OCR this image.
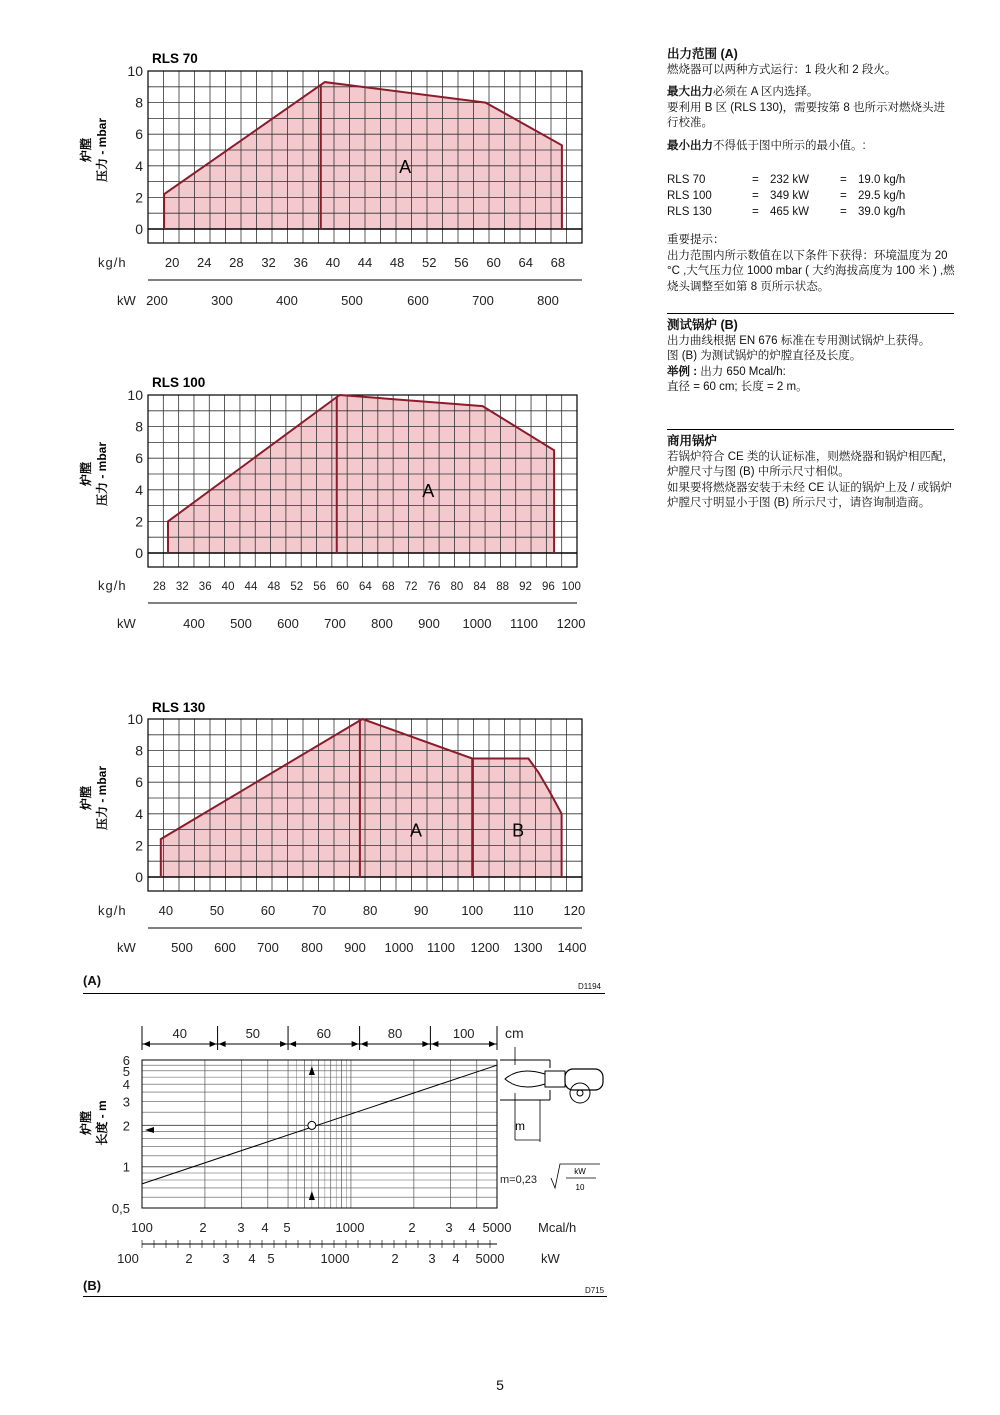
RLS 70
A
0
2
4
6
8
10
炉膛 压力 - mbar
kg/h	20 24 28 32 36 40 44 48 52 56 60 64 68
kW 200	300	400	500	600	700	800
RLS 100
A
0
2
4
6
8
10
炉膛 压力 - mbar
kg/h 28 32 36 40 44 48 52 56 60 64 68 72 76 80 84 88 92 96 100
kW	400 500 600 700 800 900 1000 1100 1200
RLS 130
A	B
0
2
4
6
8
10
炉膛 压力 - mbar
kg/h 40	50	60	70	80	90	100 110 120
kW	500 600 700 800 900 1000 1100 1200 1300 1400
0,5
1
2
3
4
5
6
炉膛 长度 - m
40	50	60	80	100 cm
100	2 3 4 5	1000	2 3 4 5000 Mcal/h
100	2 3 4 5	1000	2 3 4 5000	kW
m=0,23
kW
10
m
(A)	D1194
(B)	D715

出力范围 (A)

燃烧器可以两种方式运行：1 段火和 2 段火。

最大出力必须在 A 区内选择。

要利用 B 区 (RLS 130)，需要按第 8 也所示对燃烧头进行校准。

最小出力不得低于图中所示的最小值。:

RLS 70	=	232 kW	=	19.0 kg/h
RLS 100	=	349 kW	=	29.5 kg/h
RLS 130	=	465 kW	=	39.0 kg/h

重要提示：

出力范围内所示数值在以下条件下获得：环境温度为 20 °C ,大气压力位 1000 mbar ( 大约海拔高度为 100 米 ) ,燃烧头调整至如第 8 页所示状态。

测试锅炉 (B)

出力曲线根据 EN 676 标准在专用测试锅炉上获得。

图 (B) 为测试锅炉的炉膛直径及长度。

举例 : 出力 650 Mcal/h:

直径 = 60 cm; 长度 = 2 m。

商用锅炉

若锅炉符合 CE 类的认证标准，则燃烧器和锅炉相匹配，炉膛尺寸与图 (B) 中所示尺寸相似。

如果要将燃烧器安装于未经 CE 认证的锅炉上及 / 或锅炉炉膛尺寸明显小于图 (B) 所示尺寸，请咨询制造商。

5
